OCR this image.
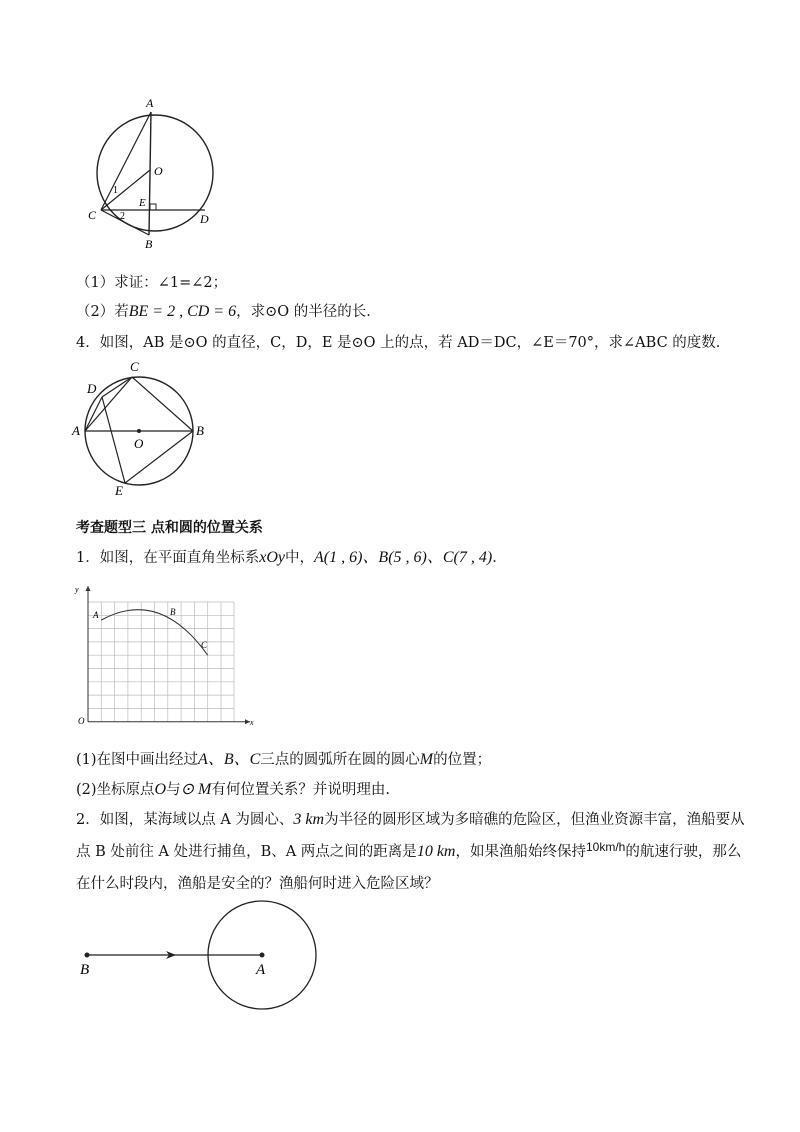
A
O
C
E
D
B
1
2
（1）求证：∠1=∠2；
（2）若BE = 2 , CD = 6，求⊙O 的半径的长．
4．如图，AB 是⊙O 的直径，C，D，E 是⊙O 上的点，若 AD＝DC，∠E＝70°，求∠ABC 的度数．
A	B
C
D
E
O
考查题型三 点和圆的位置关系
1．如图，在平面直角坐标系xOy中，A(1 , 6)、B(5 , 6)、C(7 , 4)．
A	B
C
O	x
y
(1)在图中画出经过A、B、C三点的圆弧所在圆的圆心M的位置；
(2)坐标原点O与⊙ M有何位置关系？并说明理由.
2．如图，某海域以点 A 为圆心、3 km为半径的圆形区域为多暗礁的危险区，但渔业资源丰富，渔船要从
点 B 处前往 A 处进行捕鱼，B、A 两点之间的距离是10 km，如果渔船始终保持$^{10km/h}$的航速行驶，那么
在什么时段内，渔船是安全的？渔船何时进入危险区域？
B	A
